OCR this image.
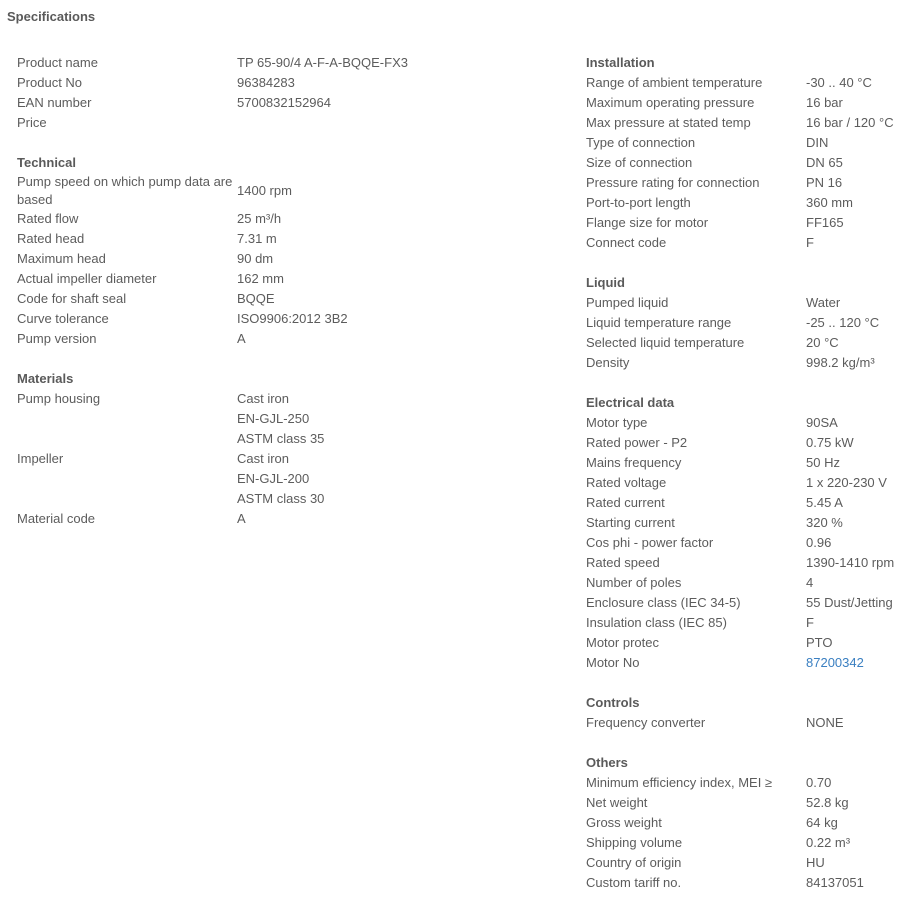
Specifications
Product name	TP 65-90/4 A-F-A-BQQE-FX3
Product No	96384283
EAN number	5700832152964
Price
Technical
Pump speed on which pump data are based
1400 rpm
Rated flow	25 m³/h
Rated head	7.31 m
Maximum head	90 dm
Actual impeller diameter	162 mm
Code for shaft seal	BQQE
Curve tolerance	ISO9906:2012 3B2
Pump version	A
Materials
Pump housing	Cast iron
EN-GJL-250
ASTM class 35
Impeller	Cast iron
EN-GJL-200
ASTM class 30
Material code	A
Installation
Range of ambient temperature	-30 .. 40 °C
Maximum operating pressure	16 bar
Max pressure at stated temp	16 bar / 120 °C
Type of connection	DIN
Size of connection	DN 65
Pressure rating for connection	PN 16
Port-to-port length	360 mm
Flange size for motor	FF165
Connect code	F
Liquid
Pumped liquid	Water
Liquid temperature range	-25 .. 120 °C
Selected liquid temperature	20 °C
Density	998.2 kg/m³
Electrical data
Motor type	90SA
Rated power - P2	0.75 kW
Mains frequency	50 Hz
Rated voltage	1 x 220-230 V
Rated current	5.45 A
Starting current	320 %
Cos phi - power factor	0.96
Rated speed	1390-1410 rpm
Number of poles	4
Enclosure class (IEC 34-5)	55 Dust/Jetting
Insulation class (IEC 85)	F
Motor protec	PTO
Motor No	87200342
Controls
Frequency converter	NONE
Others
Minimum efficiency index, MEI ≥	0.70
Net weight	52.8 kg
Gross weight	64 kg
Shipping volume	0.22 m³
Country of origin	HU
Custom tariff no.	84137051
